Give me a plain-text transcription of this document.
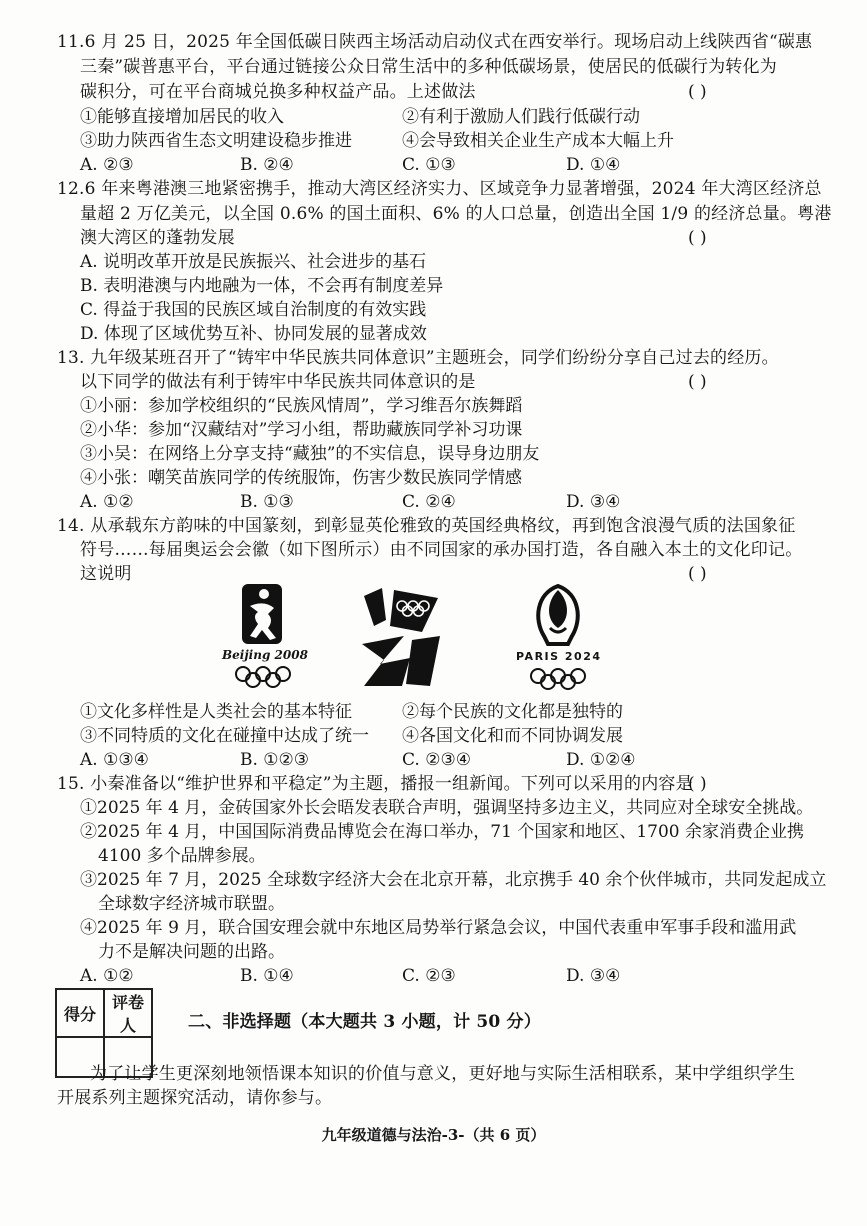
11.6 月 25 日，2025 年全国低碳日陕西主场活动启动仪式在西安举行。现场启动上线陕西省“碳惠
三秦”碳普惠平台，平台通过链接公众日常生活中的多种低碳场景，使居民的低碳行为转化为
碳积分，可在平台商城兑换多种权益产品。上述做法	( )
①能够直接增加居民的收入	②有利于激励人们践行低碳行动
③助力陕西省生态文明建设稳步推进	④会导致相关企业生产成本大幅上升
A. ②③	B. ②④	C. ①③	D. ①④
12.6 年来粤港澳三地紧密携手，推动大湾区经济实力、区域竞争力显著增强，2024 年大湾区经济总
量超 2 万亿美元，以全国 0.6% 的国土面积、6% 的人口总量，创造出全国 1/9 的经济总量。粤港
澳大湾区的蓬勃发展	( )
A. 说明改革开放是民族振兴、社会进步的基石
B. 表明港澳与内地融为一体，不会再有制度差异
C. 得益于我国的民族区域自治制度的有效实践
D. 体现了区域优势互补、协同发展的显著成效
13. 九年级某班召开了“铸牢中华民族共同体意识”主题班会，同学们纷纷分享自己过去的经历。
以下同学的做法有利于铸牢中华民族共同体意识的是	( )
①小丽：参加学校组织的“民族风情周”，学习维吾尔族舞蹈
②小华：参加“汉藏结对”学习小组，帮助藏族同学补习功课
③小吴：在网络上分享支持“藏独”的不实信息，误导身边朋友
④小张：嘲笑苗族同学的传统服饰，伤害少数民族同学情感
A. ①②	B. ①③	C. ②④	D. ③④
14. 从承载东方韵味的中国篆刻，到彰显英伦雅致的英国经典格纹，再到饱含浪漫气质的法国象征
符号……每届奥运会会徽（如下图所示）由不同国家的承办国打造，各自融入本土的文化印记。
这说明	( )
Beijing 2008
london
PARIS 2024
①文化多样性是人类社会的基本特征	②每个民族的文化都是独特的
③不同特质的文化在碰撞中达成了统一 ④各国文化和而不同协调发展
A. ①③④	B. ①②③	C. ②③④	D. ①②④
15. 小秦准备以“维护世界和平稳定”为主题，播报一组新闻。下列可以采用的内容是
( )
①2025 年 4 月，金砖国家外长会晤发表联合声明，强调坚持多边主义，共同应对全球安全挑战。
②2025 年 4 月，中国国际消费品博览会在海口举办，71 个国家和地区、1700 余家消费企业携
4100 多个品牌参展。
③2025 年 7 月，2025 全球数字经济大会在北京开幕，北京携手 40 余个伙伴城市，共同发起成立
全球数字经济城市联盟。
④2025 年 9 月，联合国安理会就中东地区局势举行紧急会议，中国代表重申军事手段和滥用武
力不是解决问题的出路。
A. ①②	B. ①④	C. ②③	D. ③④
得分	评卷人
		二、非选择题（本大题共 3 小题，计 50 分）
为了让学生更深刻地领悟课本知识的价值与意义，更好地与实际生活相联系，某中学组织学生
开展系列主题探究活动，请你参与。
九年级道德与法治-3-（共 6 页）
